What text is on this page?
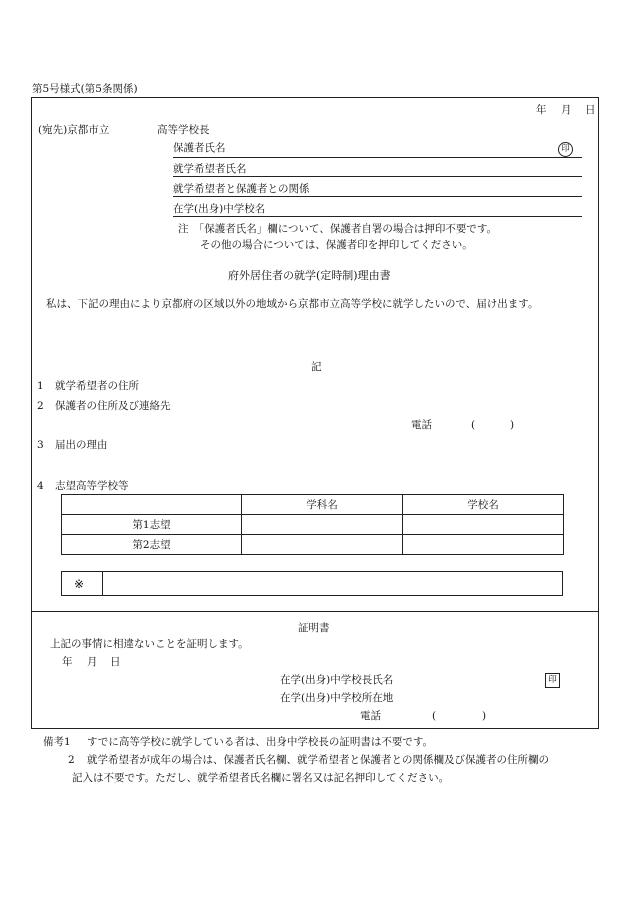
第5号様式(第5条関係)
年 月 日
(宛先)京都市立	高等学校長
保護者氏名	印
就学希望者氏名
就学希望者と保護者との関係
在学(出身)中学校名
注　「保護者氏名」欄について、保護者自署の場合は押印不要です。
その他の場合については、保護者印を押印してください。
府外居住者の就学(定時制)理由書
私は、下記の理由により京都府の区域以外の地域から京都市立高等学校に就学したいので、届け出ます。
記
1 就学希望者の住所
2 保護者の住所及び連絡先
電話	(	)
3 届出の理由
4 志望高等学校等
	学科名	学校名
第1志望		
第2志望		
※
証明書
上記の事情に相違ないことを証明します。
年 月 日
在学(出身)中学校長氏名	印
在学(出身)中学校所在地
電話	(	)
備考1 すでに高等学校に就学している者は、出身中学校長の証明書は不要です。
2 就学希望者が成年の場合は、保護者氏名欄、就学希望者と保護者との関係欄及び保護者の住所欄の
記入は不要です。ただし、就学希望者氏名欄に署名又は記名押印してください。
